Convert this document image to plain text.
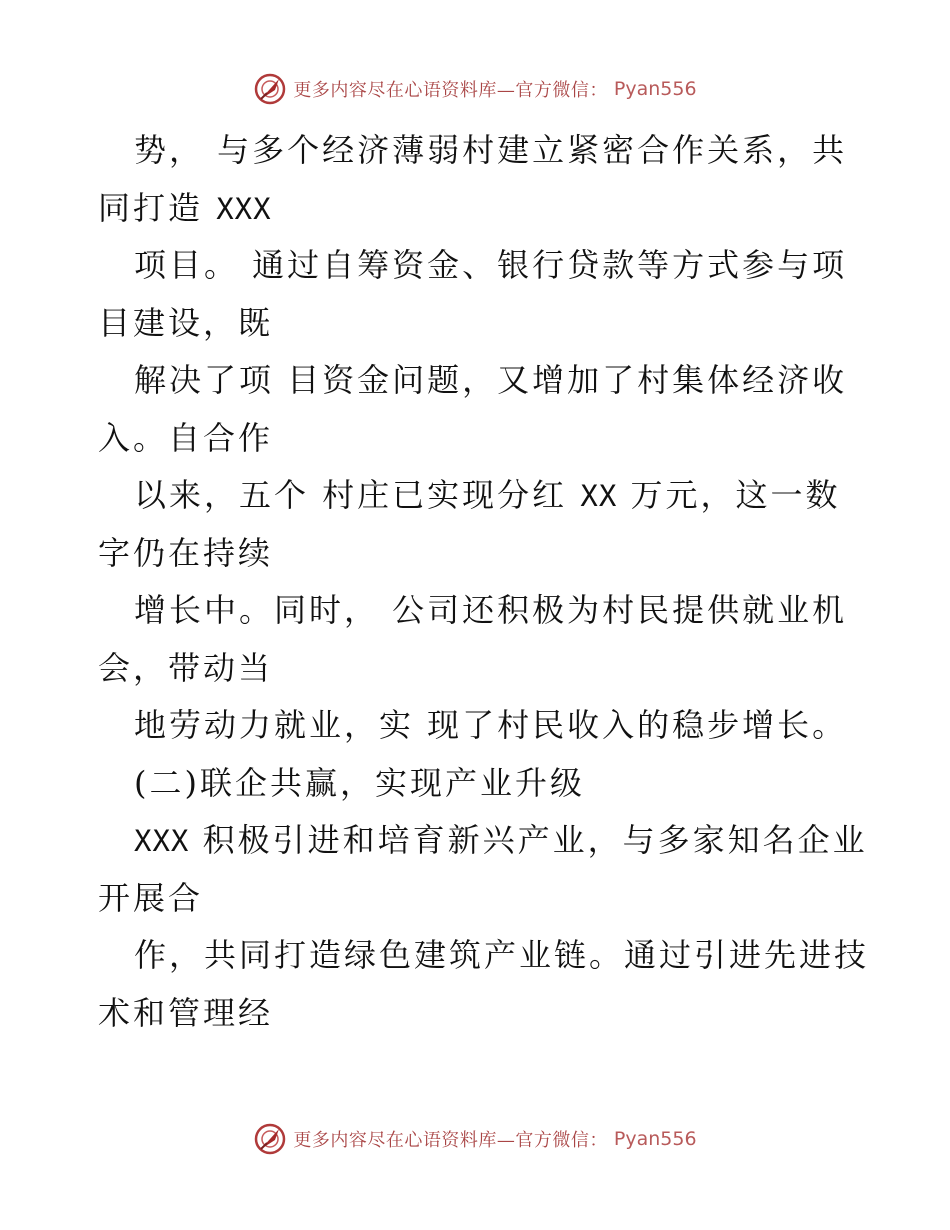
更多内容尽在心语资料库—官方微信： Pyan556
势， 与多个经济薄弱村建立紧密合作关系，共
同打造 XXX
项目。 通过自筹资金、银行贷款等方式参与项
目建设，既
解决了项 目资金问题，又增加了村集体经济收
入。自合作
以来，五个 村庄已实现分红 XX 万元，这一数
字仍在持续
增长中。同时， 公司还积极为村民提供就业机
会，带动当
地劳动力就业，实 现了村民收入的稳步增长。
(二)联企共赢，实现产业升级
XXX 积极引进和培育新兴产业，与多家知名企业
开展合
作，共同打造绿色建筑产业链。通过引进先进技
术和管理经
更多内容尽在心语资料库—官方微信： Pyan556
